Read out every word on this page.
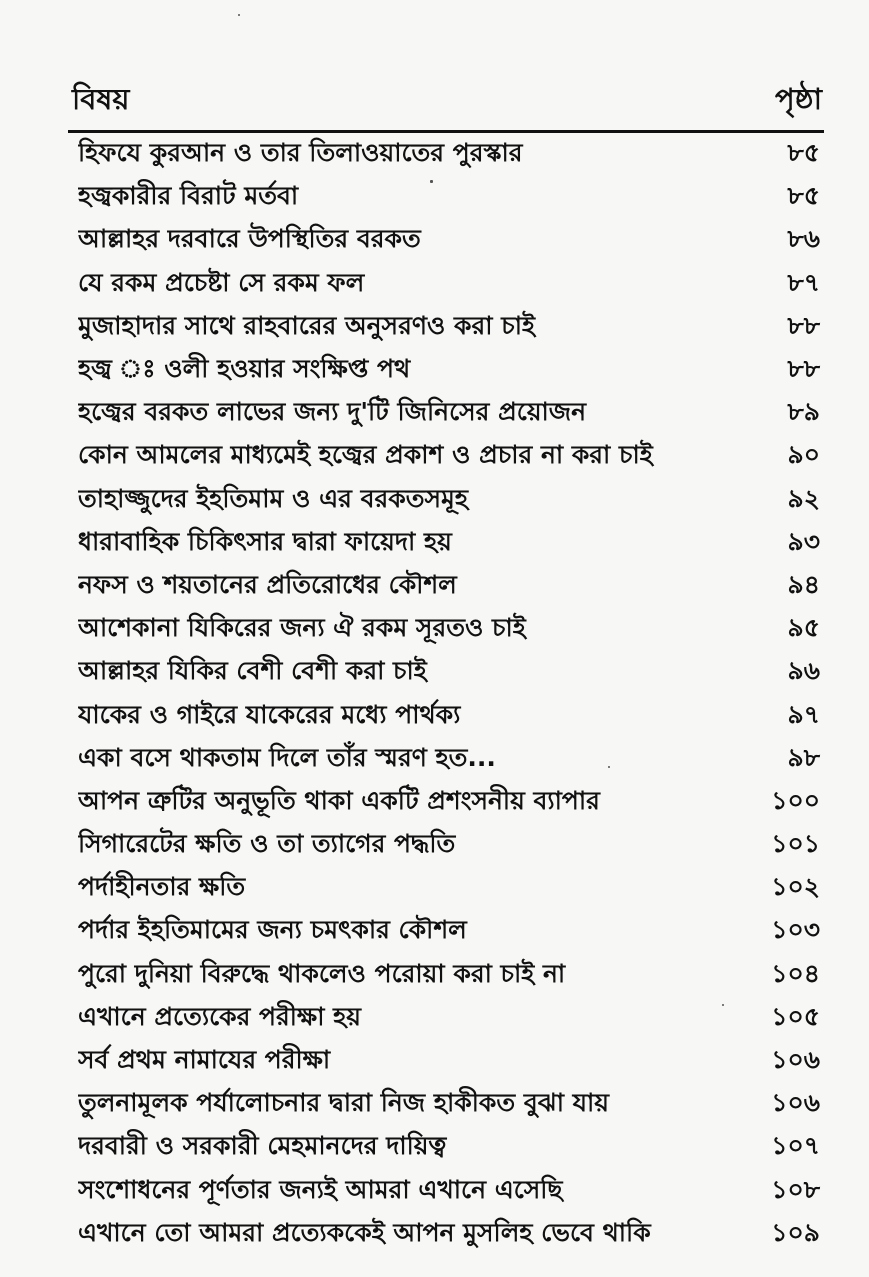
বিষয়	পৃষ্ঠা
হিফযে কুরআন ও তার তিলাওয়াতের পুরস্কার	৮৫
হজ্বকারীর বিরাট মর্তবা	৮৫
আল্লাহর দরবারে উপস্থিতির বরকত	৮৬
যে রকম প্রচেষ্টা সে রকম ফল	৮৭
মুজাহাদার সাথে রাহবারের অনুসরণও করা চাই	৮৮
হজ্ব ঃ ওলী হওয়ার সংক্ষিপ্ত পথ	৮৮
হজ্বের বরকত লাভের জন্য দু'টি জিনিসের প্রয়োজন	৮৯
কোন আমলের মাধ্যমেই হজ্বের প্রকাশ ও প্রচার না করা চাই	৯০
তাহাজ্জুদের ইহতিমাম ও এর বরকতসমূহ	৯২
ধারাবাহিক চিকিৎসার দ্বারা ফায়েদা হয়	৯৩
নফস ও শয়তানের প্রতিরোধের কৌশল	৯৪
আশেকানা যিকিরের জন্য ঐ রকম সূরতও চাই	৯৫
আল্লাহর যিকির বেশী বেশী করা চাই	৯৬
যাকের ও গাইরে যাকেরের মধ্যে পার্থক্য	৯৭
একা বসে থাকতাম দিলে তাঁর স্মরণ হত...	৯৮
আপন ত্রুটির অনুভূতি থাকা একটি প্রশংসনীয় ব্যাপার	১০০
সিগারেটের ক্ষতি ও তা ত্যাগের পদ্ধতি	১০১
পর্দাহীনতার ক্ষতি	১০২
পর্দার ইহতিমামের জন্য চমৎকার কৌশল	১০৩
পুরো দুনিয়া বিরুদ্ধে থাকলেও পরোয়া করা চাই না	১০৪
এখানে প্রত্যেকের পরীক্ষা হয়	১০৫
সর্ব প্রথম নামাযের পরীক্ষা	১০৬
তুলনামূলক পর্যালোচনার দ্বারা নিজ হাকীকত বুঝা যায়	১০৬
দরবারী ও সরকারী মেহমানদের দায়িত্ব	১০৭
সংশোধনের পূর্ণতার জন্যই আমরা এখানে এসেছি	১০৮
এখানে তো আমরা প্রত্যেককেই আপন মুসলিহ ভেবে থাকি	১০৯
